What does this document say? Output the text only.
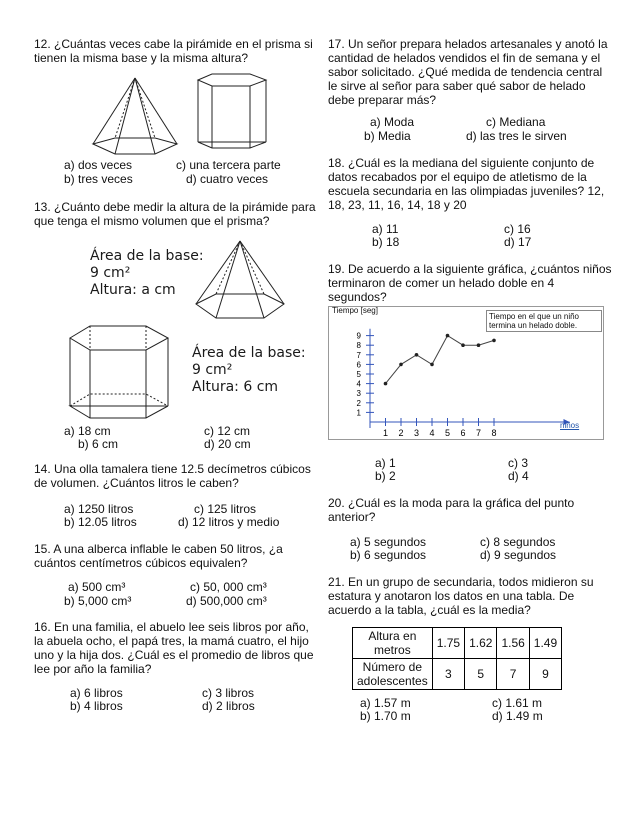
12. ¿Cuántas veces cabe la pirámide en el prisma si
tienen la misma base y la misma altura?
a) dos veces
b) tres veces
c) una tercera parte
d) cuatro veces
13. ¿Cuánto debe medir la altura de la pirámide para
que tenga el mismo volumen que el prisma?
Área de la base:
9 cm²
Altura: a cm
Área de la base:
9 cm²
Altura: 6 cm
a) 18 cm
b) 6 cm
c) 12 cm
d) 20 cm
14. Una olla tamalera tiene 12.5 decímetros cúbicos
de volumen. ¿Cuántos litros le caben?
a) 1250 litros
b) 12.05 litros
c) 125 litros
d) 12 litros y medio
15. A una alberca inflable le caben 50 litros, ¿a
cuántos centímetros cúbicos equivalen?
a) 500 cm³
b) 5,000 cm³
c) 50, 000 cm³
d) 500,000 cm³
16. En una familia, el abuelo lee seis libros por año,
la abuela ocho, el papá tres, la mamá cuatro, el hijo
uno y la hija dos. ¿Cuál es el promedio de libros que
lee por año la familia?
a) 6 libros
b) 4 libros
c) 3 libros
d) 2 libros
17. Un señor prepara helados artesanales y anotó la
cantidad de helados vendidos el fin de semana y el
sabor solicitado. ¿Qué medida de tendencia central
le sirve al señor para saber qué sabor de helado
debe preparar más?
a) Moda
b) Media
c) Mediana
d) las tres le sirven
18. ¿Cuál es la mediana del siguiente conjunto de
datos recabados por el equipo de atletismo de la
escuela secundaria en las olimpiadas juveniles? 12,
18, 23, 11, 16, 14, 18 y 20
a) 11
b) 18
c) 16
d) 17
19. De acuerdo a la siguiente gráfica, ¿cuántos niños
terminaron de comer un helado doble en 4
segundos?
1
2
3
4
5
6
7
8
9
1 2 3 4 5 6 7 8
Tiempo [seg]
Tiempo en el que un niño termina un helado doble.
niños
a) 1
b) 2
c) 3
d) 4
20. ¿Cuál es la moda para la gráfica del punto
anterior?
a) 5 segundos
b) 6 segundos
c) 8 segundos
d) 9 segundos
21. En un grupo de secundaria, todos midieron su
estatura y anotaron los datos en una tabla. De
acuerdo a la tabla, ¿cuál es la media?
Altura en metros	1.75	1.62	1.56	1.49
Número de adolescentes	3	5	7	9
a) 1.57 m
b) 1.70 m
c) 1.61 m
d) 1.49 m
